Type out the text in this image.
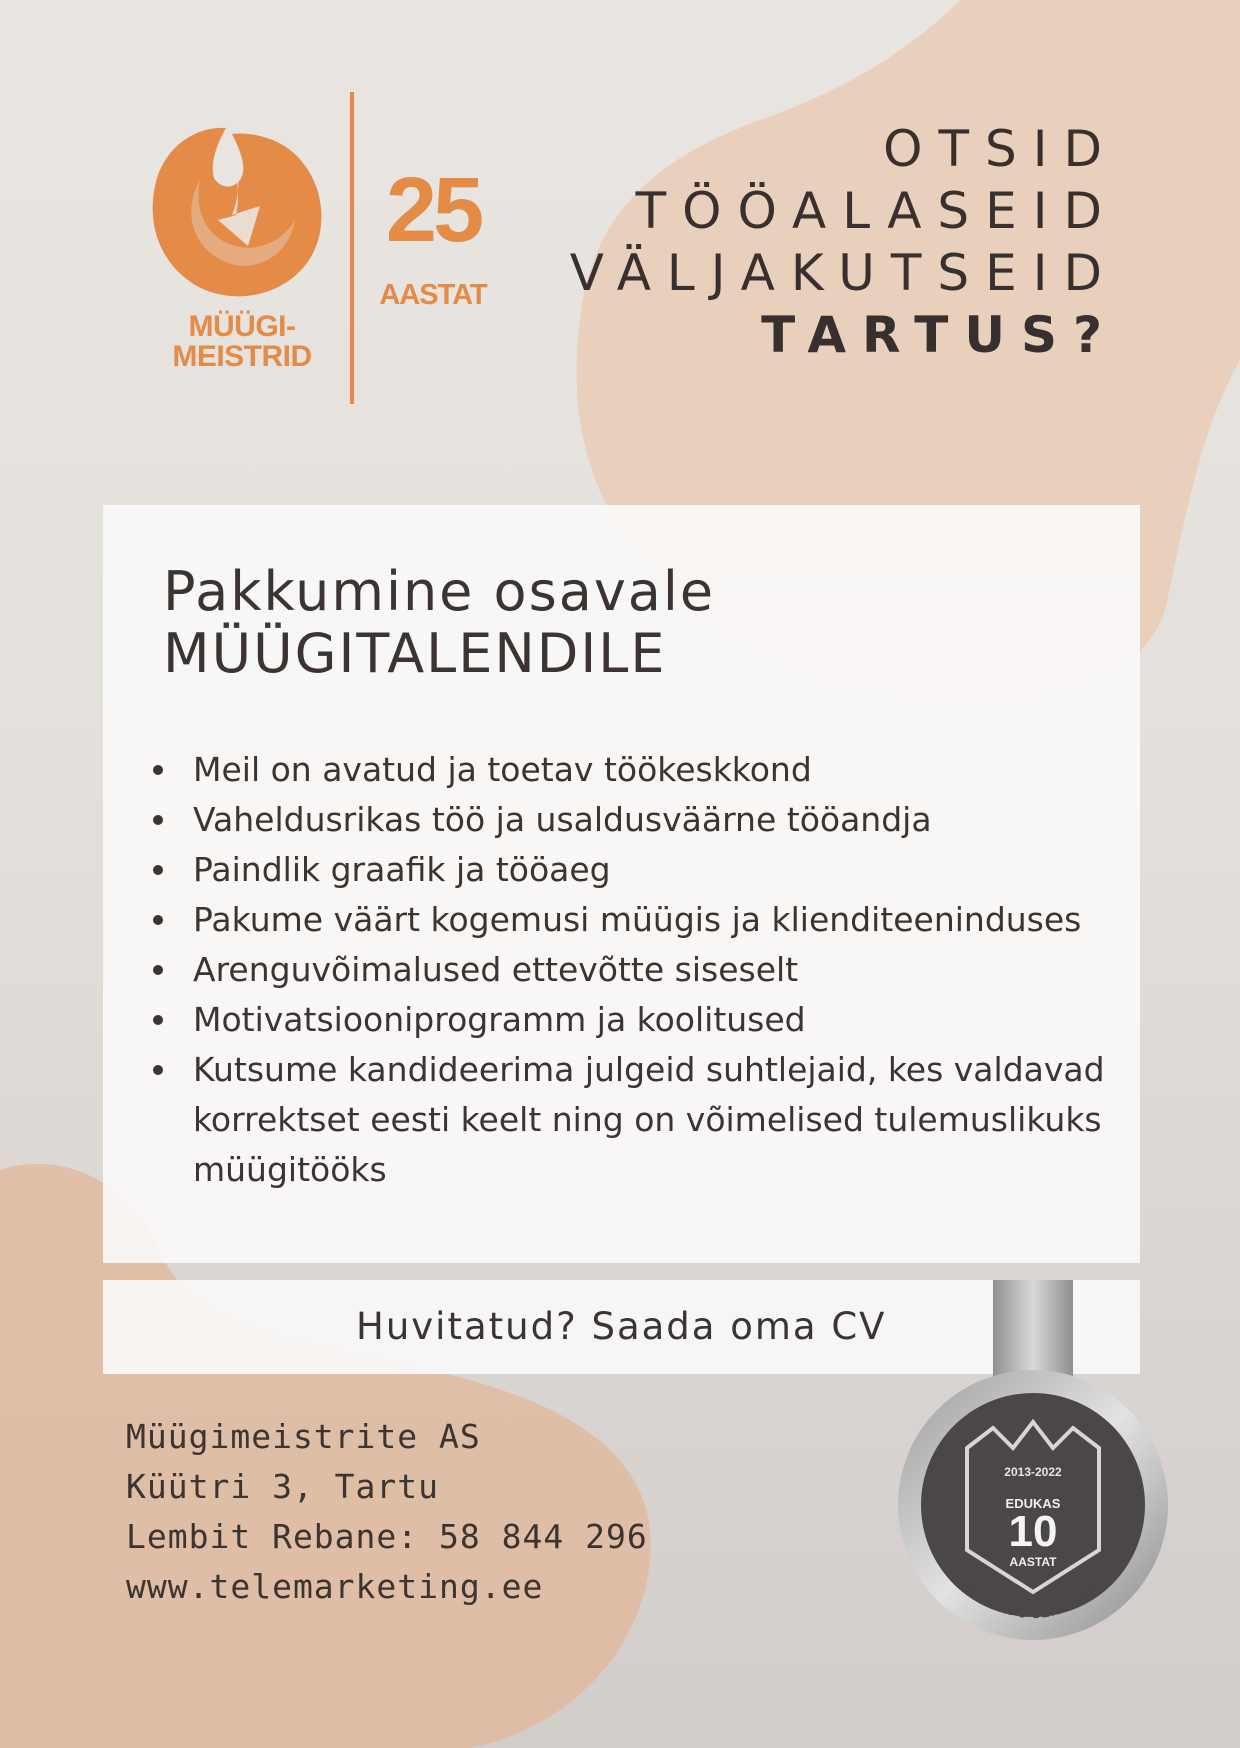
MÜÜGI-
MEISTRID
25
AASTAT
OTSID
TÖÖALASEID
VÄLJAKUTSEID
TARTUS?
Pakkumine osavale
MÜÜGITALENDILE
Meil on avatud ja toetav töökeskkond
Vaheldusrikas töö ja usaldusväärne tööandja
Paindlik graafik ja tööaeg
Pakume väärt kogemusi müügis ja klienditeeninduses
Arenguvõimalused ettevõtte siseselt
Motivatsiooniprogramm ja koolitused
Kutsume kandideerima julgeid suhtlejaid, kes valdavad korrektset eesti keelt ning on võimelised tulemuslikuks müügitööks
Huvitatud? Saada oma CV
Müügimeistrite AS
Küütri 3, Tartu
Lembit Rebane: 58 844 296
www.telemarketing.ee
2013-2022
EDUKAS
10
AASTAT
CREDITINFO SERTIFIKAAT
